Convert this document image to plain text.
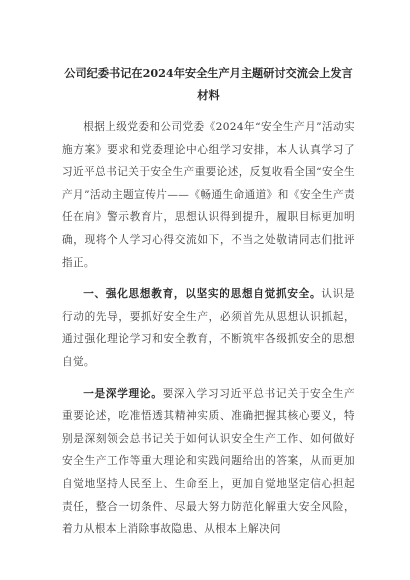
公司纪委书记在2024年安全生产月主题研讨交流会上发言
材料

根据上级党委和公司党委《2024年“安全生产月”活动实施方案》要求和党委理论中心组学习安排，本人认真学习了习近平总书记关于安全生产重要论述，反复收看全国“安全生产月”活动主题宣传片——《畅通生命通道》和《安全生产责任在肩》警示教育片，思想认识得到提升，履职目标更加明确，现将个人学习心得交流如下，不当之处敬请同志们批评指正。

一、强化思想教育，以坚实的思想自觉抓安全。认识是行动的先导，要抓好安全生产，必须首先从思想认识抓起，通过强化理论学习和安全教育，不断筑牢各级抓安全的思想自觉。

一是深学理论。要深入学习习近平总书记关于安全生产重要论述，吃准悟透其精神实质、准确把握其核心要义，特别是深刻领会总书记关于如何认识安全生产工作、如何做好安全生产工作等重大理论和实践问题给出的答案，从而更加自觉地坚持人民至上、生命至上，更加自觉地坚定信心担起责任，整合一切条件、尽最大努力防范化解重大安全风险，着力从根本上消除事故隐患、从根本上解决问
